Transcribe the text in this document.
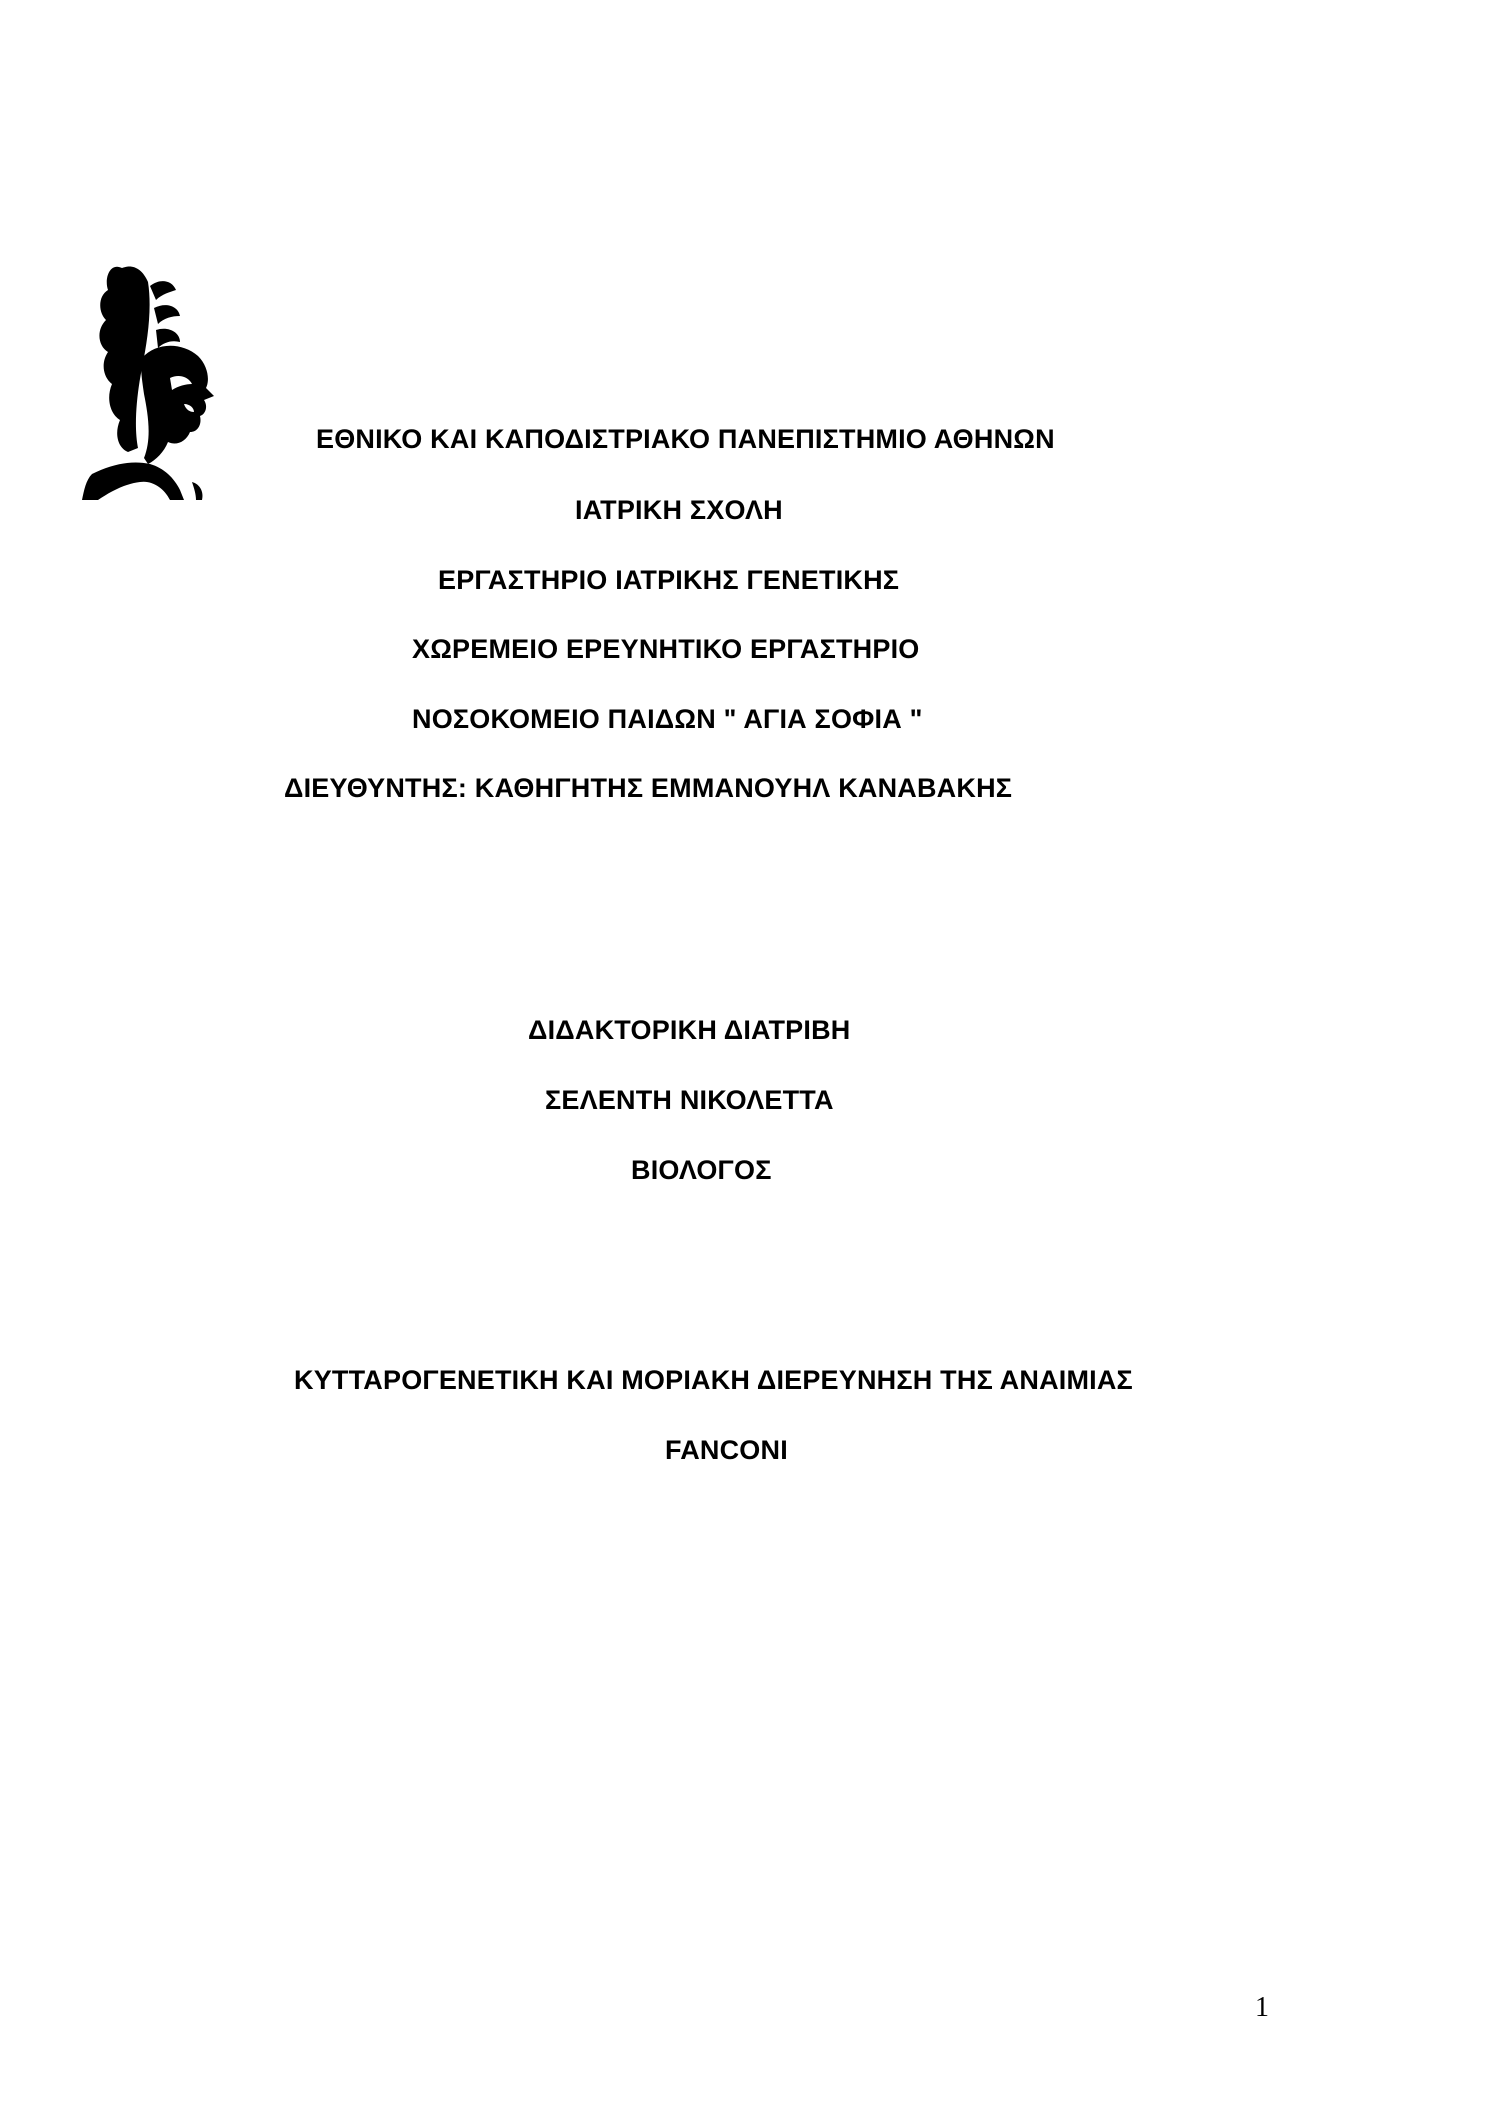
ΕΘΝΙΚΟ ΚΑΙ ΚΑΠΟΔΙΣΤΡΙΑΚΟ ΠΑΝΕΠΙΣΤΗΜΙΟ ΑΘΗΝΩΝ
ΙΑΤΡΙΚΗ ΣΧΟΛΗ
ΕΡΓΑΣΤΗΡΙΟ ΙΑΤΡΙΚΗΣ ΓΕΝΕΤΙΚΗΣ
ΧΩΡΕΜΕΙΟ ΕΡΕΥΝΗΤΙΚΟ ΕΡΓΑΣΤΗΡΙΟ
ΝΟΣΟΚΟΜΕΙΟ ΠΑΙΔΩΝ " ΑΓΙΑ ΣΟΦΙΑ "
ΔΙΕΥΘΥΝΤΗΣ: ΚΑΘΗΓΗΤΗΣ ΕΜΜΑΝΟΥΗΛ ΚΑΝΑΒΑΚΗΣ
ΔΙΔΑΚΤΟΡΙΚΗ ΔΙΑΤΡΙΒΗ
ΣΕΛΕΝΤΗ ΝΙΚΟΛΕΤΤΑ
ΒΙΟΛΟΓΟΣ
ΚΥΤΤΑΡΟΓΕΝΕΤΙΚΗ ΚΑΙ ΜΟΡΙΑΚΗ ΔΙΕΡΕΥΝΗΣΗ ΤΗΣ ΑΝΑΙΜΙΑΣ
FANCONI
1
